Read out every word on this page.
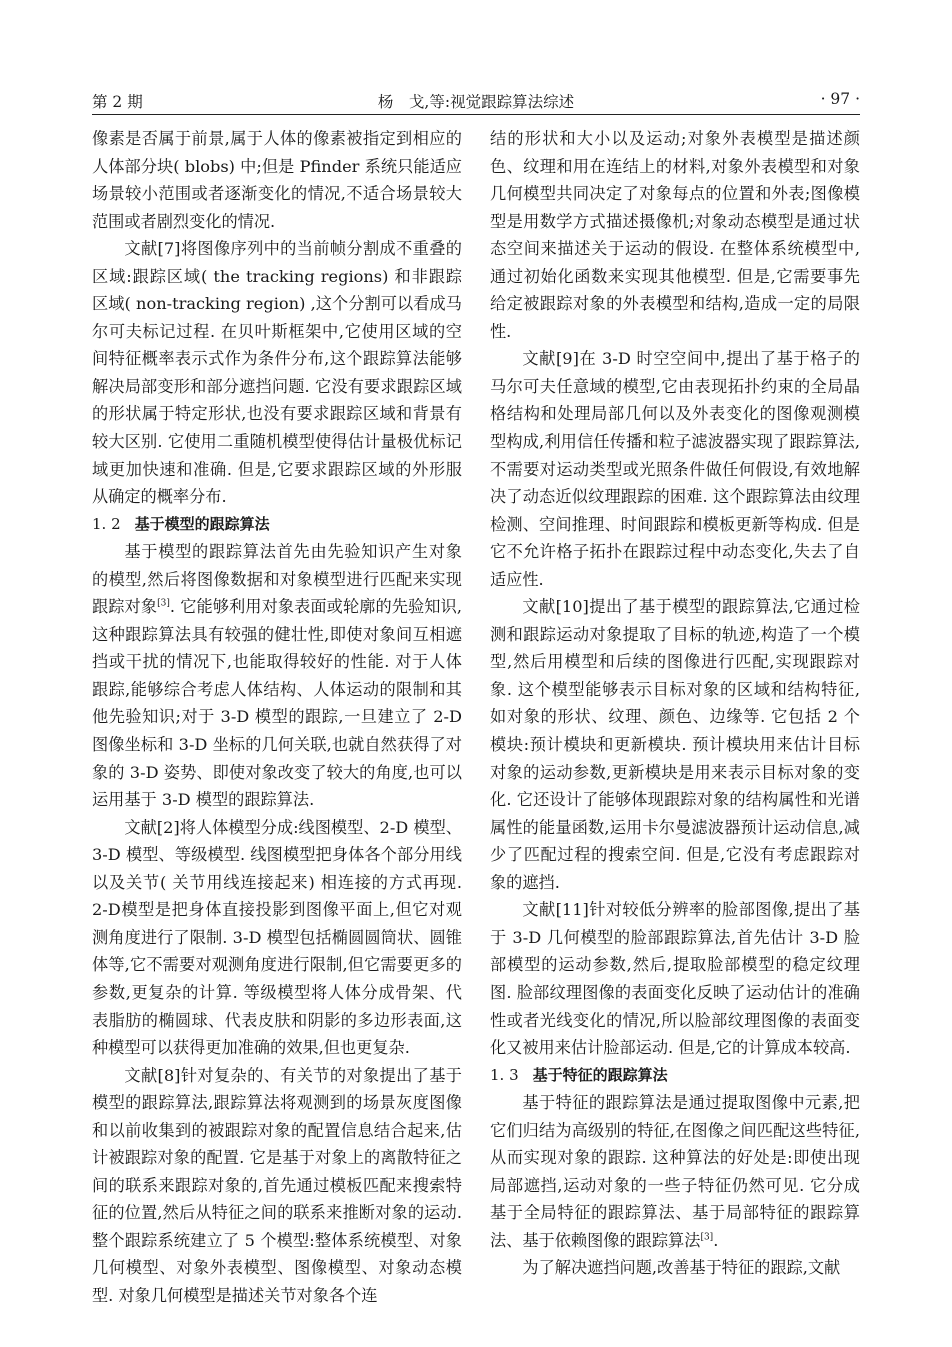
第 2 期	杨　戈,等:视觉跟踪算法综述	· 97 ·

像素是否属于前景,属于人体的像素被指定到相应的人体部分块( blobs) 中;但是 Pfinder 系统只能适应场景较小范围或者逐渐变化的情况,不适合场景较大范围或者剧烈变化的情况.

文献[7]将图像序列中的当前帧分割成不重叠的区域:跟踪区域( the tracking regions) 和非跟踪区域( non-tracking region) ,这个分割可以看成马尔可夫标记过程. 在贝叶斯框架中,它使用区域的空间特征概率表示式作为条件分布,这个跟踪算法能够解决局部变形和部分遮挡问题. 它没有要求跟踪区域的形状属于特定形状,也没有要求跟踪区域和背景有较大区别. 它使用二重随机模型使得估计量极优标记域更加快速和准确. 但是,它要求跟踪区域的外形服从确定的概率分布.

1. 2 基于模型的跟踪算法

基于模型的跟踪算法首先由先验知识产生对象的模型,然后将图像数据和对象模型进行匹配来实现跟踪对象[3]. 它能够利用对象表面或轮廓的先验知识,这种跟踪算法具有较强的健壮性,即使对象间互相遮挡或干扰的情况下,也能取得较好的性能. 对于人体跟踪,能够综合考虑人体结构、人体运动的限制和其他先验知识;对于 3-D 模型的跟踪,一旦建立了 2-D 图像坐标和 3-D 坐标的几何关联,也就自然获得了对象的 3-D 姿势、即使对象改变了较大的角度,也可以运用基于 3-D 模型的跟踪算法.

文献[2]将人体模型分成:线图模型、2-D 模型、3-D 模型、等级模型. 线图模型把身体各个部分用线以及关节( 关节用线连接起来) 相连接的方式再现. 2-D模型是把身体直接投影到图像平面上,但它对观测角度进行了限制. 3-D 模型包括椭圆圆筒状、圆锥体等,它不需要对观测角度进行限制,但它需要更多的参数,更复杂的计算. 等级模型将人体分成骨架、代表脂肪的椭圆球、代表皮肤和阴影的多边形表面,这种模型可以获得更加准确的效果,但也更复杂.

文献[8]针对复杂的、有关节的对象提出了基于模型的跟踪算法,跟踪算法将观测到的场景灰度图像和以前收集到的被跟踪对象的配置信息结合起来,估计被跟踪对象的配置. 它是基于对象上的离散特征之间的联系来跟踪对象的,首先通过模板匹配来搜索特征的位置,然后从特征之间的联系来推断对象的运动. 整个跟踪系统建立了 5 个模型:整体系统模型、对象几何模型、对象外表模型、图像模型、对象动态模型. 对象几何模型是描述关节对象各个连

结的形状和大小以及运动;对象外表模型是描述颜色、纹理和用在连结上的材料,对象外表模型和对象几何模型共同决定了对象每点的位置和外表;图像模型是用数学方式描述摄像机;对象动态模型是通过状态空间来描述关于运动的假设. 在整体系统模型中,通过初始化函数来实现其他模型. 但是,它需要事先给定被跟踪对象的外表模型和结构,造成一定的局限性.

文献[9]在 3-D 时空空间中,提出了基于格子的马尔可夫任意域的模型,它由表现拓扑约束的全局晶格结构和处理局部几何以及外表变化的图像观测模型构成,利用信任传播和粒子滤波器实现了跟踪算法,不需要对运动类型或光照条件做任何假设,有效地解决了动态近似纹理跟踪的困难. 这个跟踪算法由纹理检测、空间推理、时间跟踪和模板更新等构成. 但是它不允许格子拓扑在跟踪过程中动态变化,失去了自适应性.

文献[10]提出了基于模型的跟踪算法,它通过检测和跟踪运动对象提取了目标的轨迹,构造了一个模型,然后用模型和后续的图像进行匹配,实现跟踪对象. 这个模型能够表示目标对象的区域和结构特征,如对象的形状、纹理、颜色、边缘等. 它包括 2 个模块:预计模块和更新模块. 预计模块用来估计目标对象的运动参数,更新模块是用来表示目标对象的变化. 它还设计了能够体现跟踪对象的结构属性和光谱属性的能量函数,运用卡尔曼滤波器预计运动信息,减少了匹配过程的搜索空间. 但是,它没有考虑跟踪对象的遮挡.

文献[11]针对较低分辨率的脸部图像,提出了基于 3-D 几何模型的脸部跟踪算法,首先估计 3-D 脸部模型的运动参数,然后,提取脸部模型的稳定纹理图. 脸部纹理图像的表面变化反映了运动估计的准确性或者光线变化的情况,所以脸部纹理图像的表面变化又被用来估计脸部运动. 但是,它的计算成本较高.

1. 3 基于特征的跟踪算法

基于特征的跟踪算法是通过提取图像中元素,把它们归结为高级别的特征,在图像之间匹配这些特征,从而实现对象的跟踪. 这种算法的好处是:即使出现局部遮挡,运动对象的一些子特征仍然可见. 它分成基于全局特征的跟踪算法、基于局部特征的跟踪算法、基于依赖图像的跟踪算法[3].

为了解决遮挡问题,改善基于特征的跟踪,文献
